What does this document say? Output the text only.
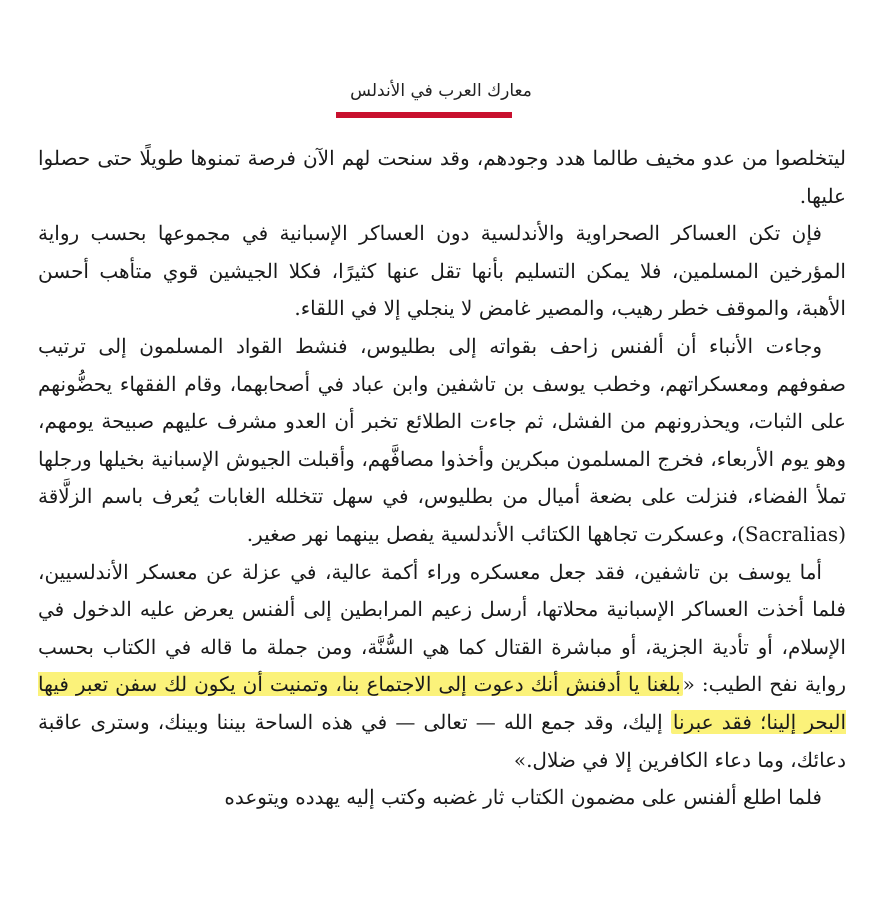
معارك العرب في الأندلس

ليتخلصوا من عدو مخيف طالما هدد وجودهم، وقد سنحت لهم الآن فرصة تمنوها طويلًا حتى حصلوا عليها.

فإن تكن العساكر الصحراوية والأندلسية دون العساكر الإسبانية في مجموعها بحسب رواية المؤرخين المسلمين، فلا يمكن التسليم بأنها تقل عنها كثيرًا، فكلا الجيشين قوي متأهب أحسن الأهبة، والموقف خطر رهيب، والمصير غامض لا ينجلي إلا في اللقاء.

وجاءت الأنباء أن ألفنس زاحف بقواته إلى بطليوس، فنشط القواد المسلمون إلى ترتيب صفوفهم ومعسكراتهم، وخطب يوسف بن تاشفين وابن عباد في أصحابهما، وقام الفقهاء يحضُّونهم على الثبات، ويحذرونهم من الفشل، ثم جاءت الطلائع تخبر أن العدو مشرف عليهم صبيحة يومهم، وهو يوم الأربعاء، فخرج المسلمون مبكرين وأخذوا مصافَّهم، وأقبلت الجيوش الإسبانية بخيلها ورجلها تملأ الفضاء، فنزلت على بضعة أميال من بطليوس، في سهل تتخلله الغابات يُعرف باسم الزلَّاقة (Sacralias)، وعسكرت تجاهها الكتائب الأندلسية يفصل بينهما نهر صغير.

أما يوسف بن تاشفين، فقد جعل معسكره وراء أكمة عالية، في عزلة عن معسكر الأندلسيين، فلما أخذت العساكر الإسبانية محلاتها، أرسل زعيم المرابطين إلى ألفنس يعرض عليه الدخول في الإسلام، أو تأدية الجزية، أو مباشرة القتال كما هي السُّنَّة، ومن جملة ما قاله في الكتاب بحسب رواية نفح الطيب: «بلغنا يا أدفنش أنك دعوت إلى الاجتماع بنا، وتمنيت أن يكون لك سفن تعبر فيها البحر إلينا؛ فقد عبرنا إليك، وقد جمع الله — تعالى — في هذه الساحة بيننا وبينك، وسترى عاقبة دعائك، وما دعاء الكافرين إلا في ضلال.»

فلما اطلع ألفنس على مضمون الكتاب ثار غضبه وكتب إليه يهدده ويتوعده
